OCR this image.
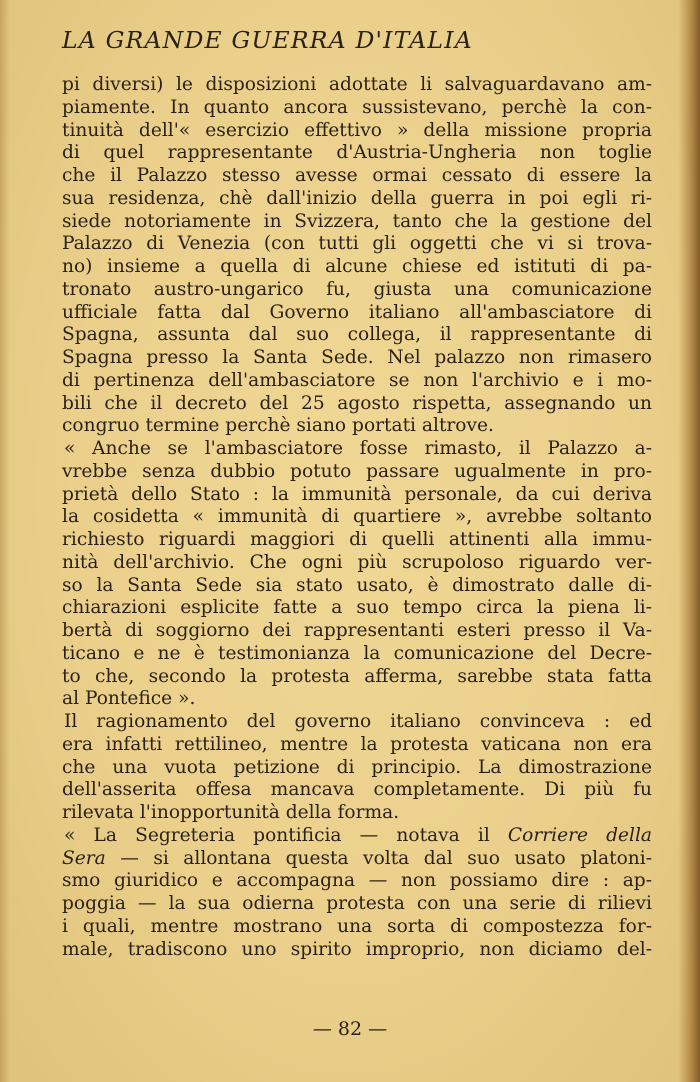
LA GRANDE GUERRA D'ITALIA
pi diversi) le disposizioni adottate li salvaguardavano am-
piamente. In quanto ancora sussistevano, perchè la con-
tinuità dell'« esercizio effettivo » della missione propria
di quel rappresentante d'Austria-Ungheria non toglie
che il Palazzo stesso avesse ormai cessato di essere la
sua residenza, chè dall'inizio della guerra in poi egli ri-
siede notoriamente in Svizzera, tanto che la gestione del
Palazzo di Venezia (con tutti gli oggetti che vi si trova-
no) insieme a quella di alcune chiese ed istituti di pa-
tronato austro-ungarico fu, giusta una comunicazione
ufficiale fatta dal Governo italiano all'ambasciatore di
Spagna, assunta dal suo collega, il rappresentante di
Spagna presso la Santa Sede. Nel palazzo non rimasero
di pertinenza dell'ambasciatore se non l'archivio e i mo-
bili che il decreto del 25 agosto rispetta, assegnando un
congruo termine perchè siano portati altrove.
« Anche se l'ambasciatore fosse rimasto, il Palazzo a-
vrebbe senza dubbio potuto passare ugualmente in pro-
prietà dello Stato : la immunità personale, da cui deriva
la cosidetta « immunità di quartiere », avrebbe soltanto
richiesto riguardi maggiori di quelli attinenti alla immu-
nità dell'archivio. Che ogni più scrupoloso riguardo ver-
so la Santa Sede sia stato usato, è dimostrato dalle di-
chiarazioni esplicite fatte a suo tempo circa la piena li-
bertà di soggiorno dei rappresentanti esteri presso il Va-
ticano e ne è testimonianza la comunicazione del Decre-
to che, secondo la protesta afferma, sarebbe stata fatta
al Pontefice ».
Il ragionamento del governo italiano convinceva : ed
era infatti rettilineo, mentre la protesta vaticana non era
che una vuota petizione di principio. La dimostrazione
dell'asserita offesa mancava completamente. Di più fu
rilevata l'inopportunità della forma.
« La Segreteria pontificia — notava il Corriere della
Sera — si allontana questa volta dal suo usato platoni-
smo giuridico e accompagna — non possiamo dire : ap-
poggia — la sua odierna protesta con una serie di rilievi
i quali, mentre mostrano una sorta di compostezza for-
male, tradiscono uno spirito improprio, non diciamo del-
— 82 —
